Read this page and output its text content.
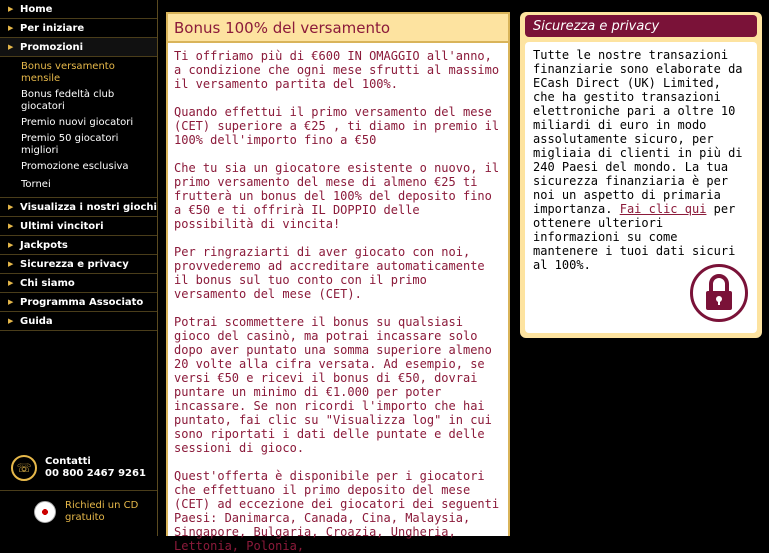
▶ Home
▶ Per iniziare
▶ Promozioni
Bonus versamento mensile
Bonus fedeltà club giocatori
Premio nuovi giocatori
Premio 50 giocatori migliori
Promozione esclusiva
Tornei
▶ Visualizza i nostri giochi
▶ Ultimi vincitori
▶ Jackpots
▶ Sicurezza e privacy
▶ Chi siamo
▶ Programma Associato
▶ Guida
☏	Contatti
00 800 2467 9261
Richiedi un CD gratuito
Bonus 100% del versamento

Ti offriamo più di €600 IN OMAGGIO all'anno, a condizione che ogni mese sfrutti al massimo il versamento partita del 100%.

Quando effettui il primo versamento del mese (CET) superiore a €25 , ti diamo in premio il 100% dell'importo fino a €50

Che tu sia un giocatore esistente o nuovo, il primo versamento del mese di almeno €25 ti frutterà un bonus del 100% del deposito fino a €50 e ti offrirà IL DOPPIO delle possibilità di vincita!

Per ringraziarti di aver giocato con noi, provvederemo ad accreditare automaticamente il bonus sul tuo conto con il primo versamento del mese (CET).

Potrai scommettere il bonus su qualsiasi gioco del casinò, ma potrai incassare solo dopo aver puntato una somma superiore almeno 20 volte alla cifra versata. Ad esempio, se versi €50 e ricevi il bonus di €50, dovrai puntare un minimo di €1.000 per poter incassare. Se non ricordi l'importo che hai puntato, fai clic su "Visualizza log" in cui sono riportati i dati delle puntate e delle sessioni di gioco.

Quest'offerta è disponibile per i giocatori che effettuano il primo deposito del mese (CET) ad eccezione dei giocatori dei seguenti Paesi: Danimarca, Canada, Cina, Malaysia, Singapore, Bulgaria, Croazia, Ungheria, Lettonia, Polonia,

Sicurezza e privacy
Tutte le nostre transazioni finanziarie sono elaborate da ECash Direct (UK) Limited, che ha gestito transazioni elettroniche pari a oltre 10 miliardi di euro in modo assolutamente sicuro, per migliaia di clienti in più di 240 Paesi del mondo. La tua sicurezza finanziaria è per noi un aspetto di primaria importanza. Fai clic qui per ottenere ulteriori informazioni su come mantenere i tuoi dati sicuri al 100%.
